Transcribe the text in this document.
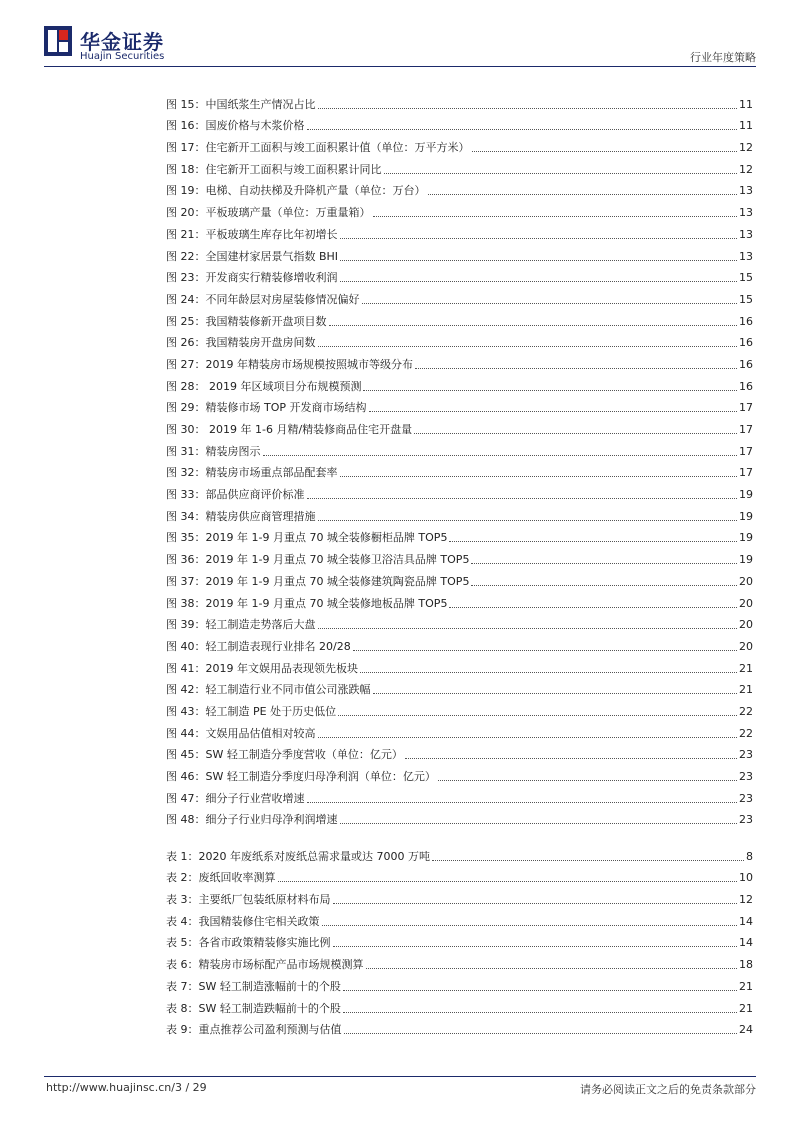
华金证券
Huajin Securities	行业年度策略
图 15：中国纸浆生产情况占比	11
图 16：国废价格与木浆价格	11
图 17：住宅新开工面积与竣工面积累计值（单位：万平方米）	12
图 18：住宅新开工面积与竣工面积累计同比	12
图 19：电梯、自动扶梯及升降机产量（单位：万台）	13
图 20：平板玻璃产量（单位：万重量箱）	13
图 21：平板玻璃生库存比年初增长	13
图 22：全国建材家居景气指数 BHI	13
图 23：开发商实行精装修增收利润	15
图 24：不同年龄层对房屋装修情况偏好	15
图 25：我国精装修新开盘项目数	16
图 26：我国精装房开盘房间数	16
图 27：2019 年精装房市场规模按照城市等级分布	16
图 28： 2019 年区域项目分布规模预测	16
图 29：精装修市场 TOP 开发商市场结构	17
图 30： 2019 年 1-6 月精/精装修商品住宅开盘量	17
图 31：精装房图示	17
图 32：精装房市场重点部品配套率	17
图 33：部品供应商评价标准	19
图 34：精装房供应商管理措施	19
图 35：2019 年 1-9 月重点 70 城全装修橱柜品牌 TOP5	19
图 36：2019 年 1-9 月重点 70 城全装修卫浴洁具品牌 TOP5	19
图 37：2019 年 1-9 月重点 70 城全装修建筑陶瓷品牌 TOP5	20
图 38：2019 年 1-9 月重点 70 城全装修地板品牌 TOP5	20
图 39：轻工制造走势落后大盘	20
图 40：轻工制造表现行业排名 20/28	20
图 41：2019 年文娱用品表现领先板块	21
图 42：轻工制造行业不同市值公司涨跌幅	21
图 43：轻工制造 PE 处于历史低位	22
图 44：文娱用品估值相对较高	22
图 45：SW 轻工制造分季度营收（单位：亿元）	23
图 46：SW 轻工制造分季度归母净利润（单位：亿元）	23
图 47：细分子行业营收增速	23
图 48：细分子行业归母净利润增速	23
表 1：2020 年废纸系对废纸总需求量或达 7000 万吨	8
表 2：废纸回收率测算	10
表 3：主要纸厂包装纸原材料布局	12
表 4：我国精装修住宅相关政策	14
表 5：各省市政策精装修实施比例	14
表 6：精装房市场标配产品市场规模测算	18
表 7：SW 轻工制造涨幅前十的个股	21
表 8：SW 轻工制造跌幅前十的个股	21
表 9：重点推荐公司盈利预测与估值	24
http://www.huajinsc.cn/3 / 29	请务必阅读正文之后的免责条款部分
